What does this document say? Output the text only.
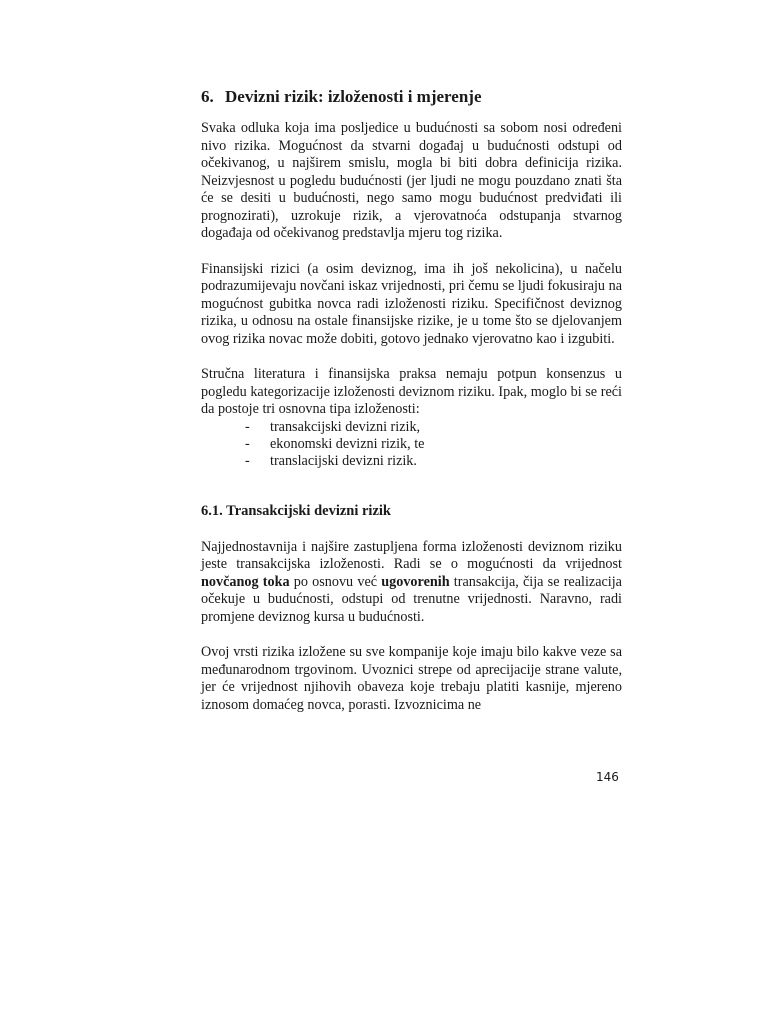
6. Devizni rizik: izloženosti i mjerenje

Svaka odluka koja ima posljedice u budućnosti sa sobom nosi određeni nivo rizika. Mogućnost da stvarni događaj u budućnosti odstupi od očekivanog, u najširem smislu, mogla bi biti dobra definicija rizika. Neizvjesnost u pogledu budućnosti (jer ljudi ne mogu pouzdano znati šta će se desiti u budućnosti, nego samo mogu budućnost predviđati ili prognozirati), uzrokuje rizik, a vjerovatnoća odstupanja stvarnog događaja od očekivanog predstavlja mjeru tog rizika.

Finansijski rizici (a osim deviznog, ima ih još nekolicina), u načelu podrazumijevaju novčani iskaz vrijednosti, pri čemu se ljudi fokusiraju na mogućnost gubitka novca radi izloženosti riziku. Specifičnost deviznog rizika, u odnosu na ostale finansijske rizike, je u tome što se djelovanjem ovog rizika novac može dobiti, gotovo jednako vjerovatno kao i izgubiti.

Stručna literatura i finansijska praksa nemaju potpun konsenzus u pogledu kategorizacije izloženosti deviznom riziku. Ipak, moglo bi se reći da postoje tri osnovna tipa izloženosti:

- transakcijski devizni rizik,
- ekonomski devizni rizik, te
- translacijski devizni rizik.
6.1. Transakcijski devizni rizik

Najjednostavnija i najšire zastupljena forma izloženosti deviznom riziku jeste transakcijska izloženosti. Radi se o mogućnosti da vrijednost novčanog toka po osnovu već ugovorenih transakcija, čija se realizacija očekuje u budućnosti, odstupi od trenutne vrijednosti. Naravno, radi promjene deviznog kursa u budućnosti.

Ovoj vrsti rizika izložene su sve kompanije koje imaju bilo kakve veze sa međunarodnom trgovinom. Uvoznici strepe od aprecijacije strane valute, jer će vrijednost njihovih obaveza koje trebaju platiti kasnije, mjereno iznosom domaćeg novca, porasti. Izvoznicima ne

146
